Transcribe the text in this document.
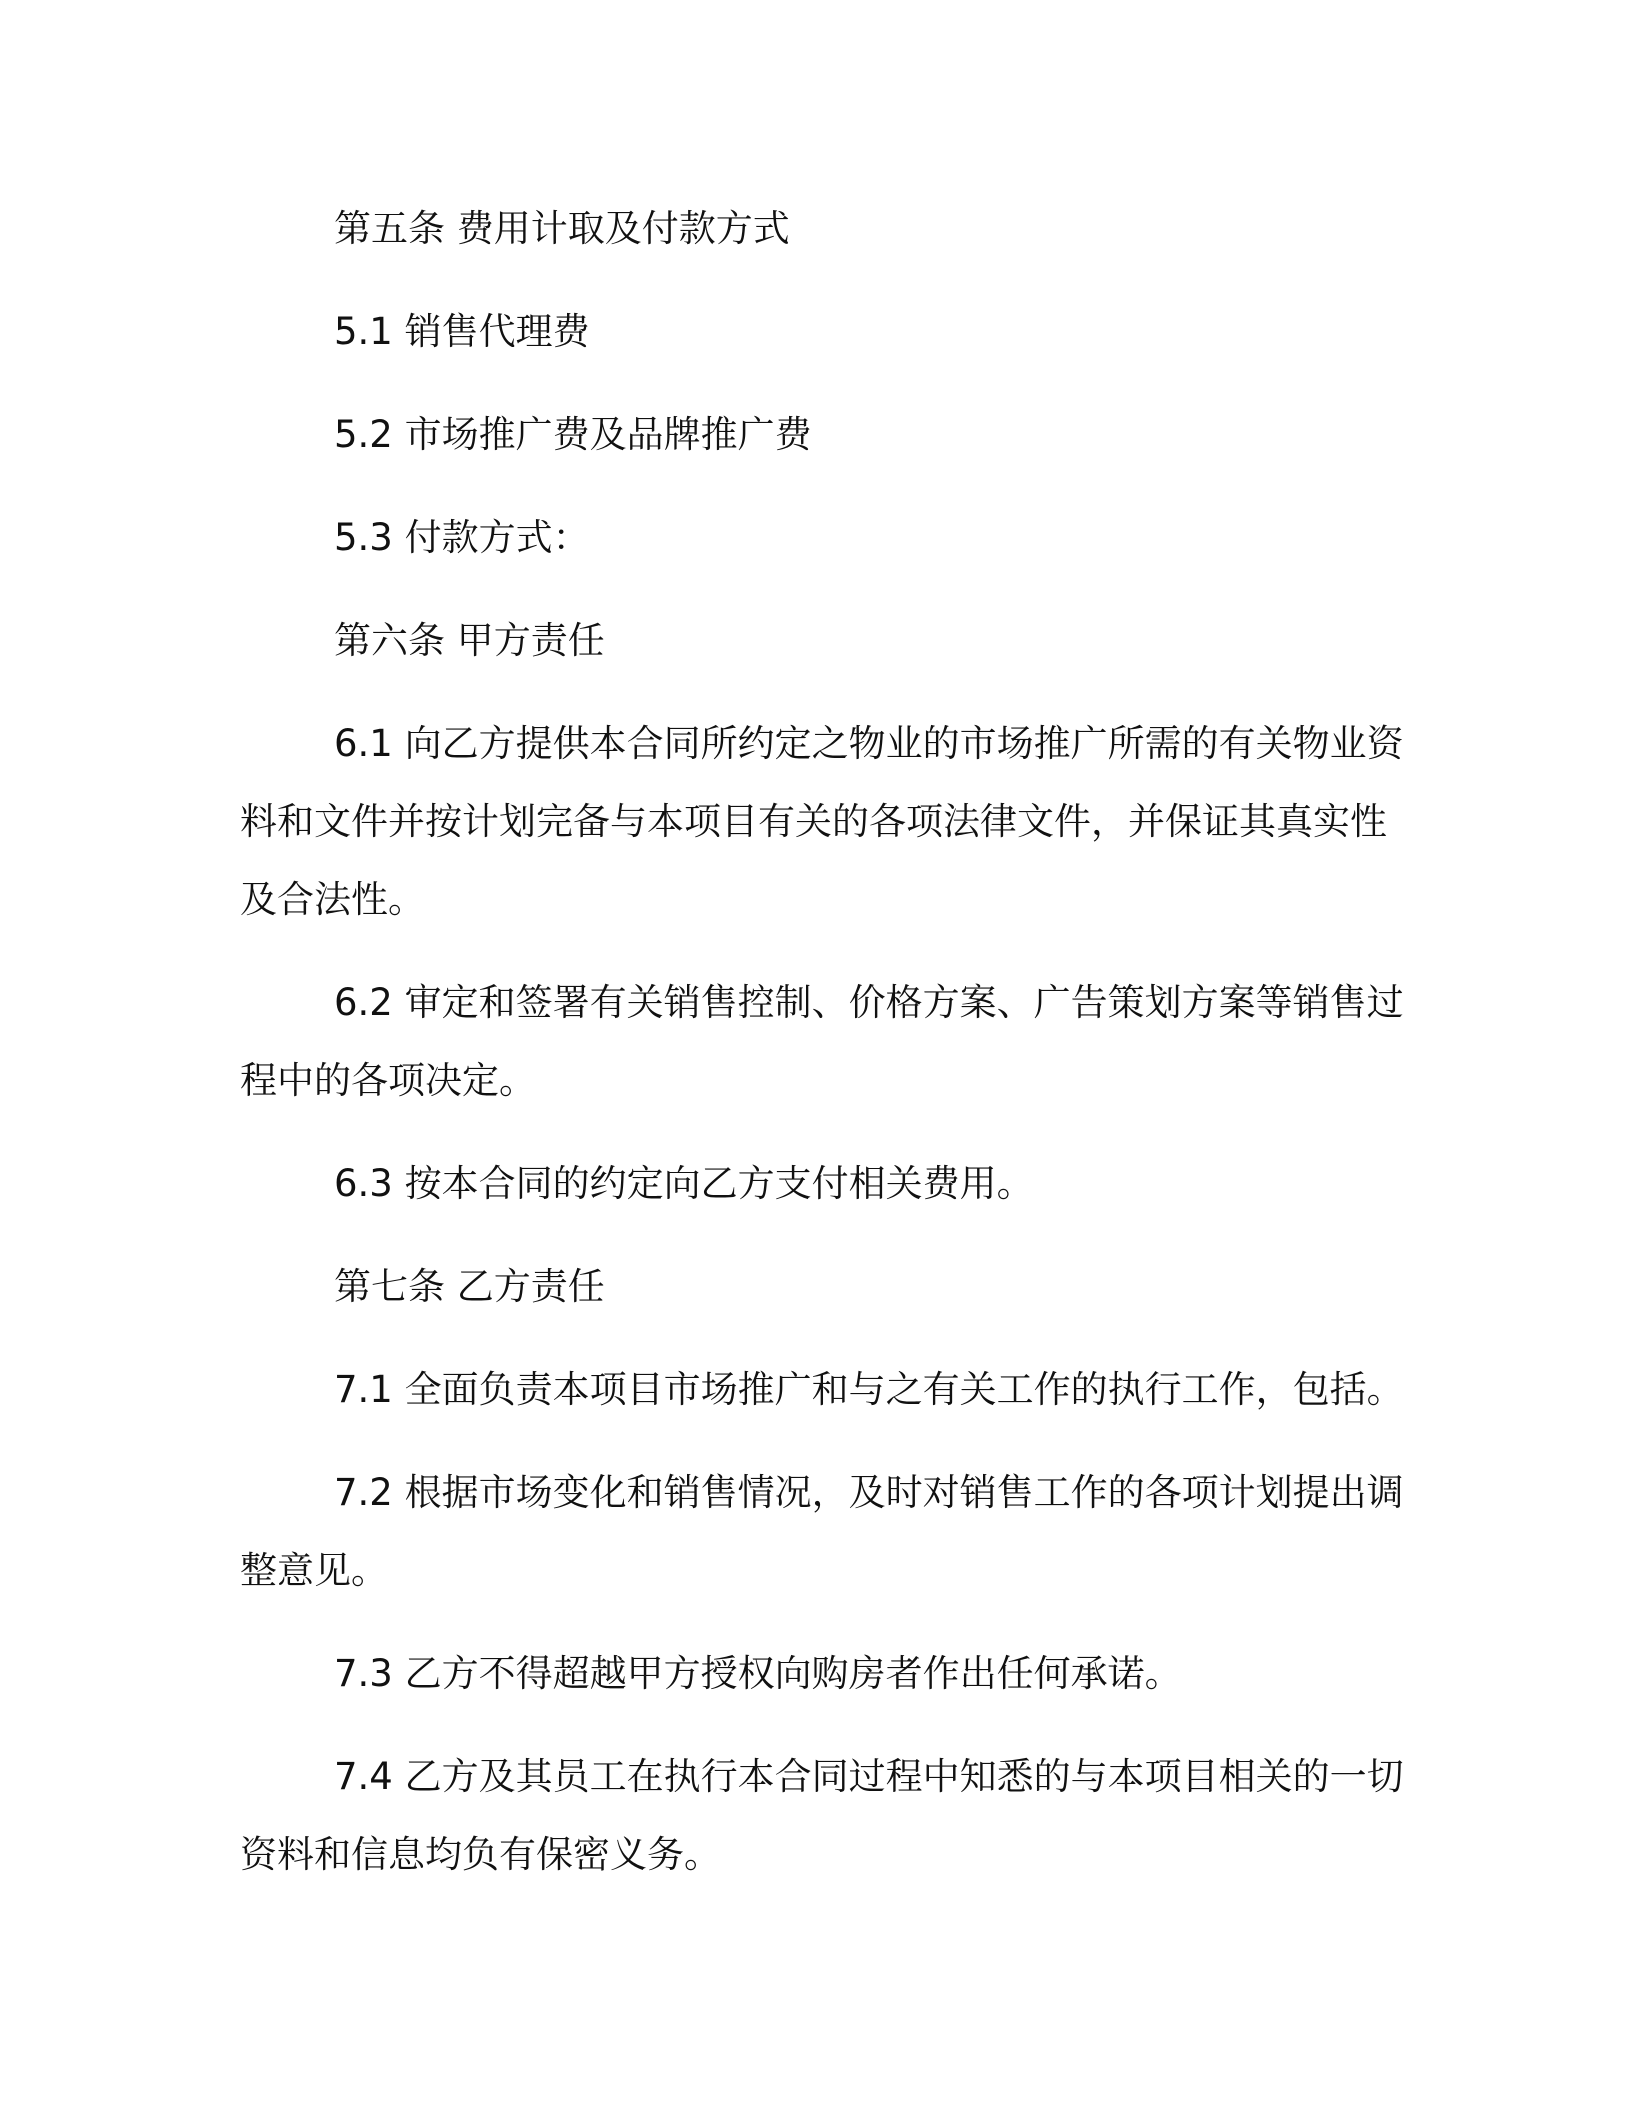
第五条 费用计取及付款方式

5.1 销售代理费

5.2 市场推广费及品牌推广费

5.3 付款方式：

第六条 甲方责任

6.1 向乙方提供本合同所约定之物业的市场推广所需的有关物业资料和文件并按计划完备与本项目有关的各项法律文件，并保证其真实性及合法性。

6.2 审定和签署有关销售控制、价格方案、广告策划方案等销售过程中的各项决定。

6.3 按本合同的约定向乙方支付相关费用。

第七条 乙方责任

7.1 全面负责本项目市场推广和与之有关工作的执行工作，包括。

7.2 根据市场变化和销售情况，及时对销售工作的各项计划提出调整意见。

7.3 乙方不得超越甲方授权向购房者作出任何承诺。

7.4 乙方及其员工在执行本合同过程中知悉的与本项目相关的一切资料和信息均负有保密义务。
